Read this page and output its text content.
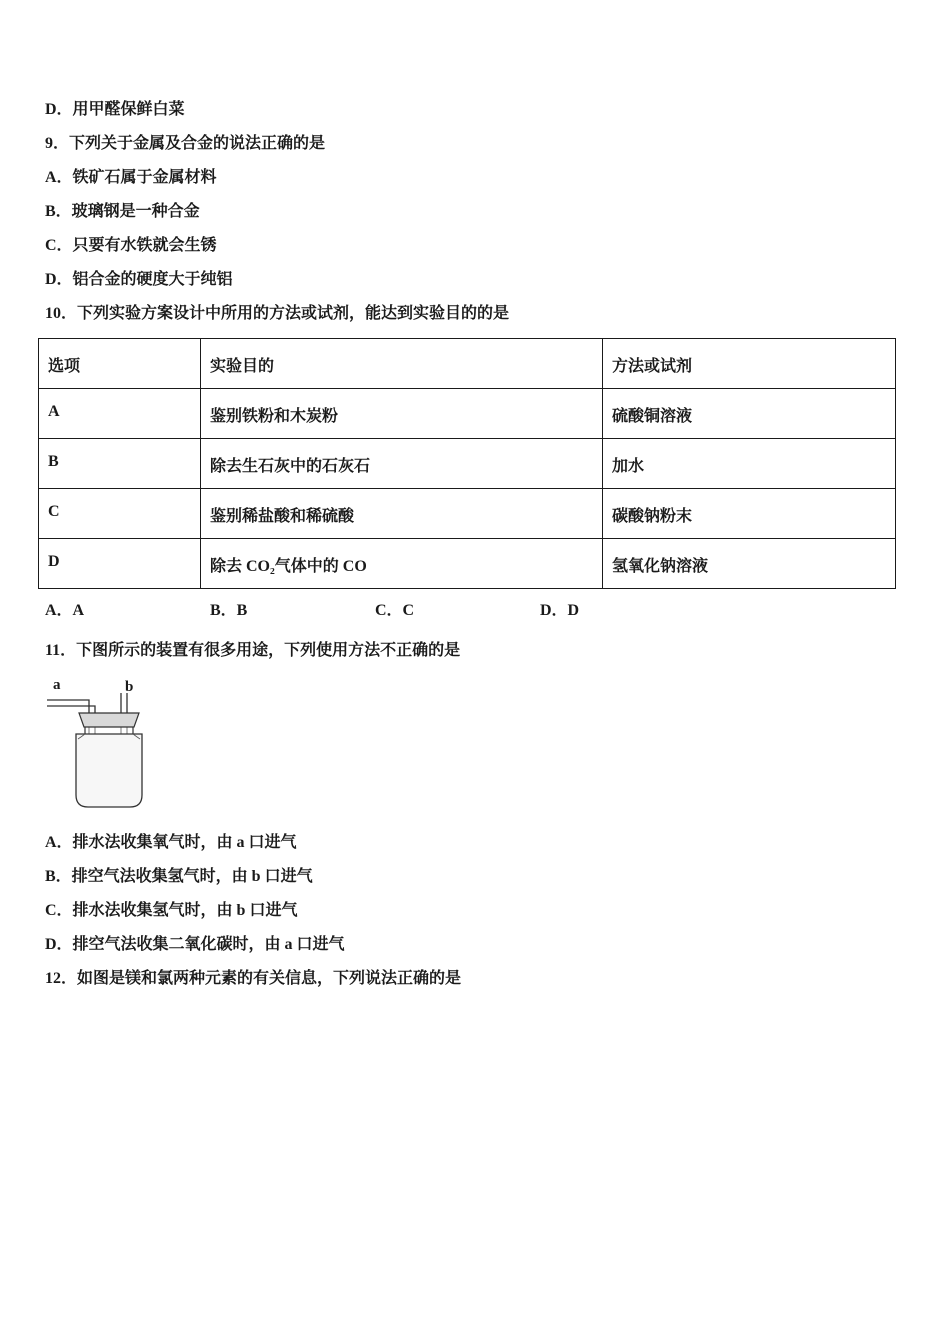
D．用甲醛保鲜白菜
9．下列关于金属及合金的说法正确的是
A．铁矿石属于金属材料
B．玻璃钢是一种合金
C．只要有水铁就会生锈
D．铝合金的硬度大于纯铝
10．下列实验方案设计中所用的方法或试剂，能达到实验目的的是
选项	实验目的	方法或试剂
A	鉴别铁粉和木炭粉	硫酸铜溶液
B	除去生石灰中的石灰石	加水
C	鉴别稀盐酸和稀硫酸	碳酸钠粉末
D	除去 CO₂气体中的 CO	氢氧化钠溶液
A．A	B．B	C．C	D．D
11．下图所示的装置有很多用途，下列使用方法不正确的是
a	b
A．排水法收集氧气时，由 a 口进气
B．排空气法收集氢气时，由 b 口进气
C．排水法收集氢气时，由 b 口进气
D．排空气法收集二氧化碳时，由 a 口进气
12．如图是镁和氯两种元素的有关信息，下列说法正确的是
